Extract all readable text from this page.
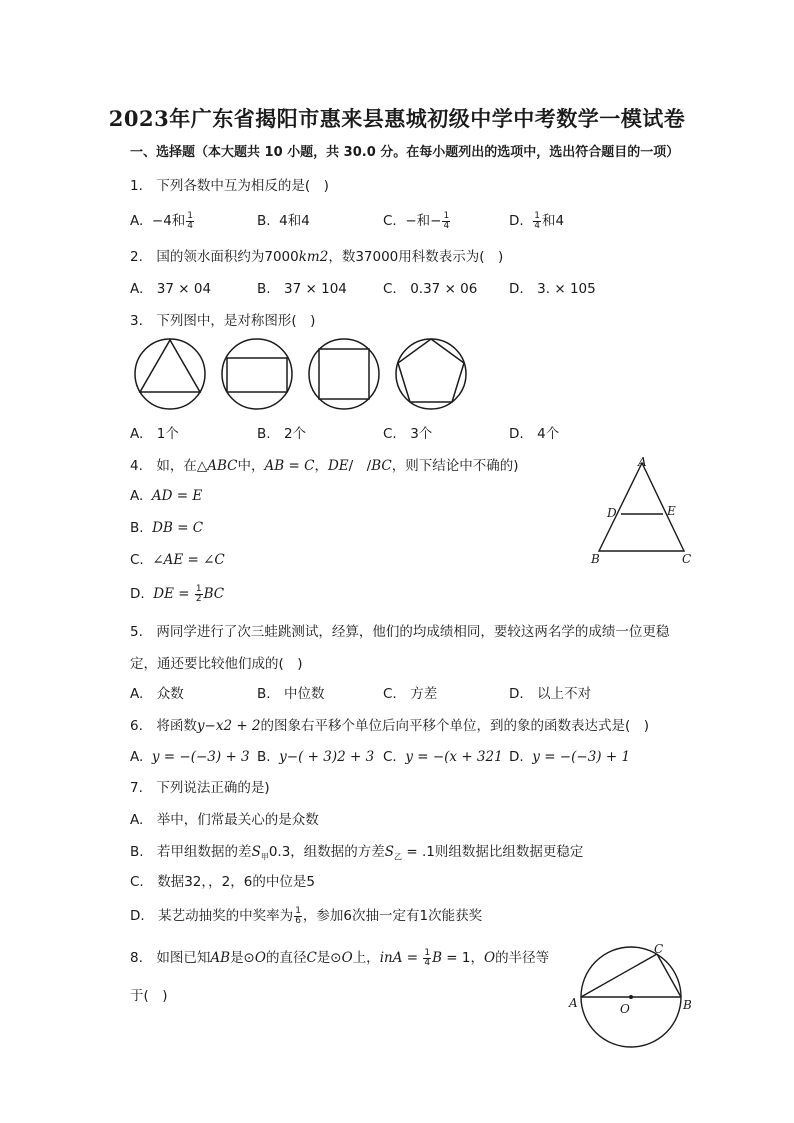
2023年广东省揭阳市惠来县惠城初级中学中考数学一模试卷
一、选择题（本大题共 10 小题，共 30.0 分。在每小题列出的选项中，选出符合题目的一项）
1.　下列各数中互为相反的是(　)
A. −4和 $\frac{1}{4}$	B. 4和4	C. −和− $\frac{1}{4}$	D. $\frac{1}{4}$ 和4
2.　国的领水面积约为7000km2，数37000用科数表示为(　)
A.　37 × 04	B.　37 × 104	C.　0.37 × 06 D.　3. × 105
3.　下列图中，是对称图形(　)
A.　1个	B.　2个	C.　3个	D.　4个
4.　如，在△ABC中，AB = C，DE/　/BC，则下结论中不确的)
A. AD = E
B. DB = C
C. ∠AE = ∠C
D. DE = $\frac{1}{2}$ BC
A
B	C
D	E
5.　两同学进行了次三蛙跳测试，经算，他们的均成绩相同，要较这两名学的成绩一位更稳
定，通还要比较他们成的(　)
A.　众数	B.　中位数	C.　方差	D.　以上不对
6.　将函数y−x2 + 2的图象右平移个单位后向平移个单位，到的象的函数表达式是(　)
A. y = −(−3) + 3 B. y−( + 3)2 + 3 C. y = −(x + 321 D. y = −(−3) + 1
7.　下列说法正确的是)
A.　举中，们常最关心的是众数
B.　若甲组数据的差$S_甲0.3$，组数据的方差$S_乙 = .1$则组数据比组数据更稳定
C.　数据32，，2，6的中位是5
D.　某艺动抽奖的中奖率为 $\frac{1}{6}$ ，参加6次抽一定有1次能获奖
8.　如图已知AB是⊙O的直径C是⊙O上，inA = $\frac{1}{4}$ B = 1，O的半径等
于(　)	A	B
C
O
